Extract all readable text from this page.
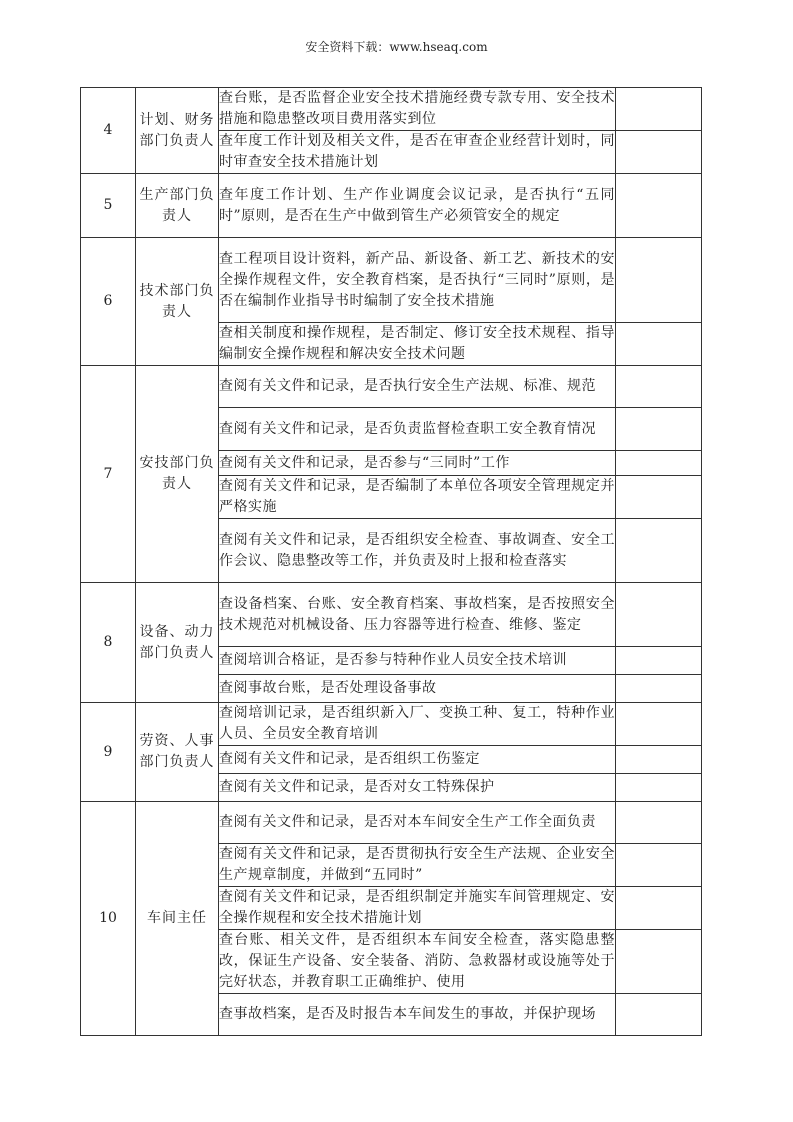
安全资料下载：www.hseaq.com
4	计划、财务部门负责人	查台账，是否监督企业安全技术措施经费专款专用、安全技术措施和隐患整改项目费用落实到位	
		查年度工作计划及相关文件，是否在审查企业经营计划时，同时审查安全技术措施计划	
5	生产部门负责人	查年度工作计划、生产作业调度会议记录，是否执行“五同时”原则，是否在生产中做到管生产必须管安全的规定	
6	技术部门负责人	查工程项目设计资料，新产品、新设备、新工艺、新技术的安全操作规程文件，安全教育档案，是否执行“三同时”原则，是否在编制作业指导书时编制了安全技术措施	
		查相关制度和操作规程，是否制定、修订安全技术规程、指导编制安全操作规程和解决安全技术问题	
7	安技部门负责人	查阅有关文件和记录，是否执行安全生产法规、标准、规范	
		查阅有关文件和记录，是否负责监督检查职工安全教育情况	
		查阅有关文件和记录，是否参与“三同时”工作	
		查阅有关文件和记录，是否编制了本单位各项安全管理规定并严格实施	
		查阅有关文件和记录，是否组织安全检查、事故调查、安全工作会议、隐患整改等工作，并负责及时上报和检查落实	
8	设备、动力部门负责人	查设备档案、台账、安全教育档案、事故档案，是否按照安全技术规范对机械设备、压力容器等进行检查、维修、鉴定	
		查阅培训合格证，是否参与特种作业人员安全技术培训	
		查阅事故台账，是否处理设备事故	
9	劳资、人事部门负责人	查阅培训记录，是否组织新入厂、变换工种、复工，特种作业人员、全员安全教育培训	
		查阅有关文件和记录，是否组织工伤鉴定	
		查阅有关文件和记录，是否对女工特殊保护	
10	车间主任	查阅有关文件和记录，是否对本车间安全生产工作全面负责	
		查阅有关文件和记录，是否贯彻执行安全生产法规、企业安全生产规章制度，并做到“五同时”	
		查阅有关文件和记录，是否组织制定并施实车间管理规定、安全操作规程和安全技术措施计划	
		查台账、相关文件，是否组织本车间安全检查，落实隐患整改，保证生产设备、安全装备、消防、急救器材或设施等处于完好状态，并教育职工正确维护、使用	
		查事故档案，是否及时报告本车间发生的事故，并保护现场	
